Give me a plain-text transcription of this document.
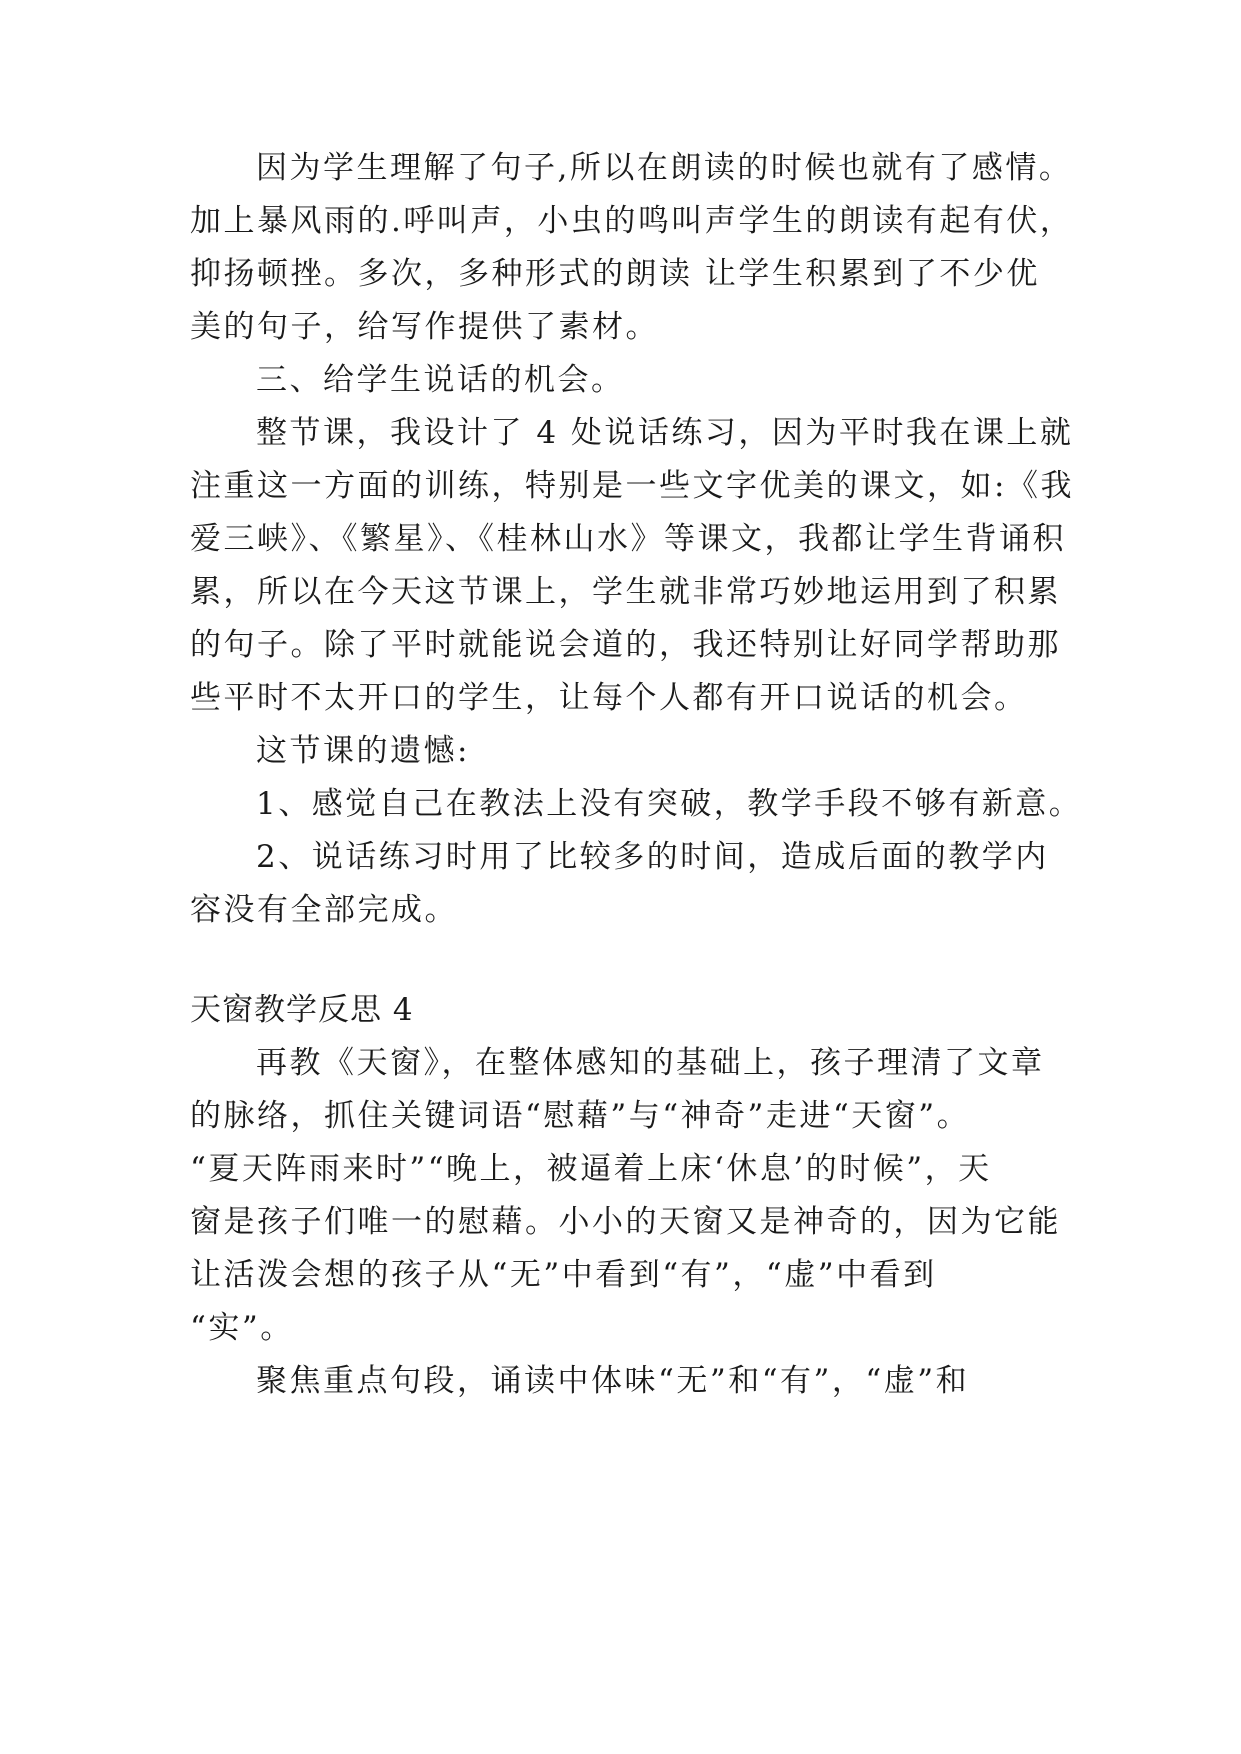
因为学生理解了句子,所以在朗读的时候也就有了感情。
加上暴风雨的.呼叫声，小虫的鸣叫声学生的朗读有起有伏，
抑扬顿挫。多次，多种形式的朗读 让学生积累到了不少优
美的句子，给写作提供了素材。
三、给学生说话的机会。
整节课，我设计了 4 处说话练习，因为平时我在课上就
注重这一方面的训练，特别是一些文字优美的课文，如:《我
爱三峡》、《繁星》、《桂林山水》等课文，我都让学生背诵积
累，所以在今天这节课上，学生就非常巧妙地运用到了积累
的句子。除了平时就能说会道的，我还特别让好同学帮助那
些平时不太开口的学生，让每个人都有开口说话的机会。
这节课的遗憾:
1、感觉自己在教法上没有突破，教学手段不够有新意。
2、说话练习时用了比较多的时间，造成后面的教学内
容没有全部完成。
天窗教学反思 4
再教《天窗》，在整体感知的基础上，孩子理清了文章
的脉络，抓住关键词语“慰藉”与“神奇”走进“天窗”。
“夏天阵雨来时”“晚上，被逼着上床‘休息’的时候”，天
窗是孩子们唯一的慰藉。小小的天窗又是神奇的，因为它能
让活泼会想的孩子从“无”中看到“有”，“虚”中看到
“实”。
聚焦重点句段，诵读中体味“无”和“有”，“虚”和
